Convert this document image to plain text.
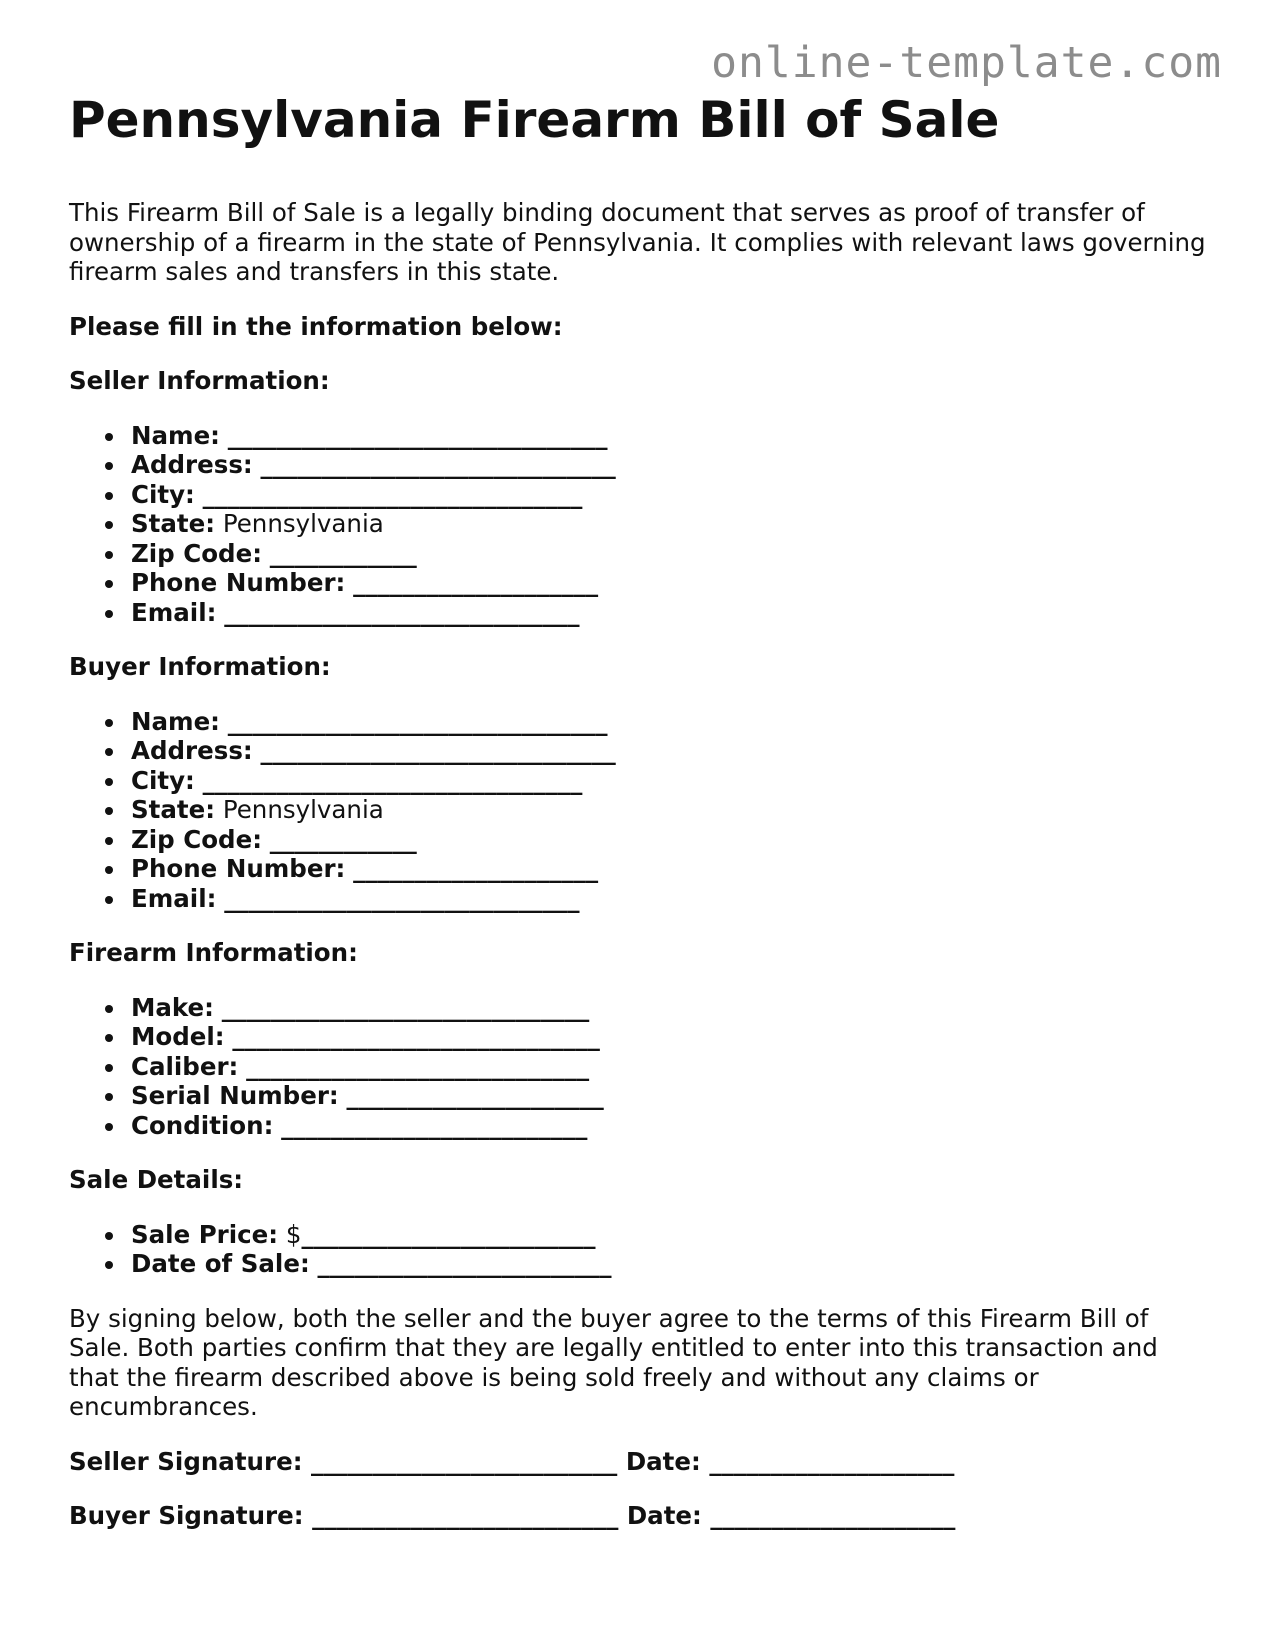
online-template.com
Pennsylvania Firearm Bill of Sale

This Firearm Bill of Sale is a legally binding document that serves as proof of transfer of ownership of a firearm in the state of Pennsylvania. It complies with relevant laws governing firearm sales and transfers in this state.

Please fill in the information below:

Seller Information:

Name: _______________________________
Address: _____________________________
City: _______________________________
State: Pennsylvania
Zip Code: ____________
Phone Number: ____________________
Email: _____________________________

Buyer Information:

Name: _______________________________
Address: _____________________________
City: _______________________________
State: Pennsylvania
Zip Code: ____________
Phone Number: ____________________
Email: _____________________________

Firearm Information:

Make: ______________________________
Model: ______________________________
Caliber: ____________________________
Serial Number: _____________________
Condition: _________________________

Sale Details:

Sale Price: $________________________
Date of Sale: ________________________

By signing below, both the seller and the buyer agree to the terms of this Firearm Bill of Sale. Both parties confirm that they are legally entitled to enter into this transaction and that the firearm described above is being sold freely and without any claims or encumbrances.

Seller Signature: _________________________ Date: ____________________

Buyer Signature: _________________________ Date: ____________________
